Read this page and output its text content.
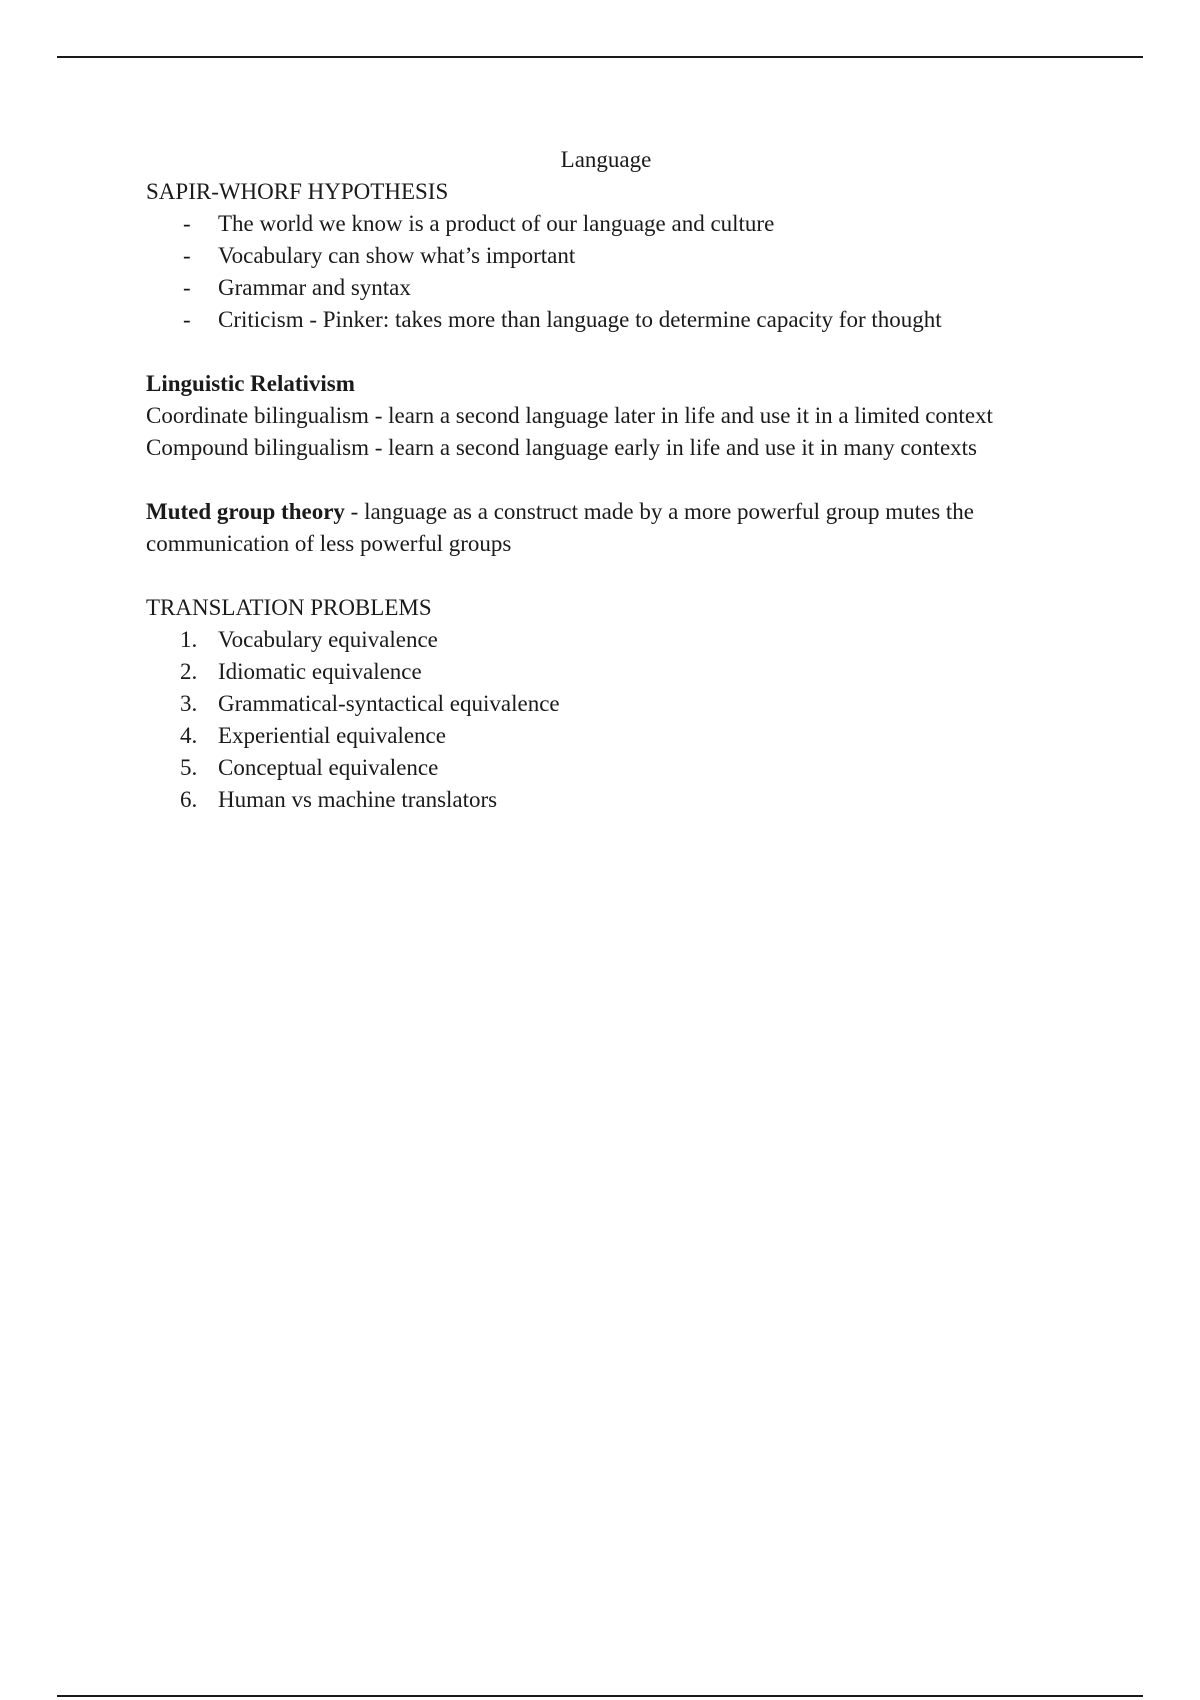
Language

SAPIR-WHORF HYPOTHESIS

- The world we know is a product of our language and culture
- Vocabulary can show what’s important
- Grammar and syntax
- Criticism - Pinker: takes more than language to determine capacity for thought

Linguistic Relativism

Coordinate bilingualism - learn a second language later in life and use it in a limited context

Compound bilingualism - learn a second language early in life and use it in many contexts

Muted group theory - language as a construct made by a more powerful group mutes the communication of less powerful groups

TRANSLATION PROBLEMS

1. Vocabulary equivalence
2. Idiomatic equivalence
3. Grammatical-syntactical equivalence
4. Experiential equivalence
5. Conceptual equivalence
6. Human vs machine translators
